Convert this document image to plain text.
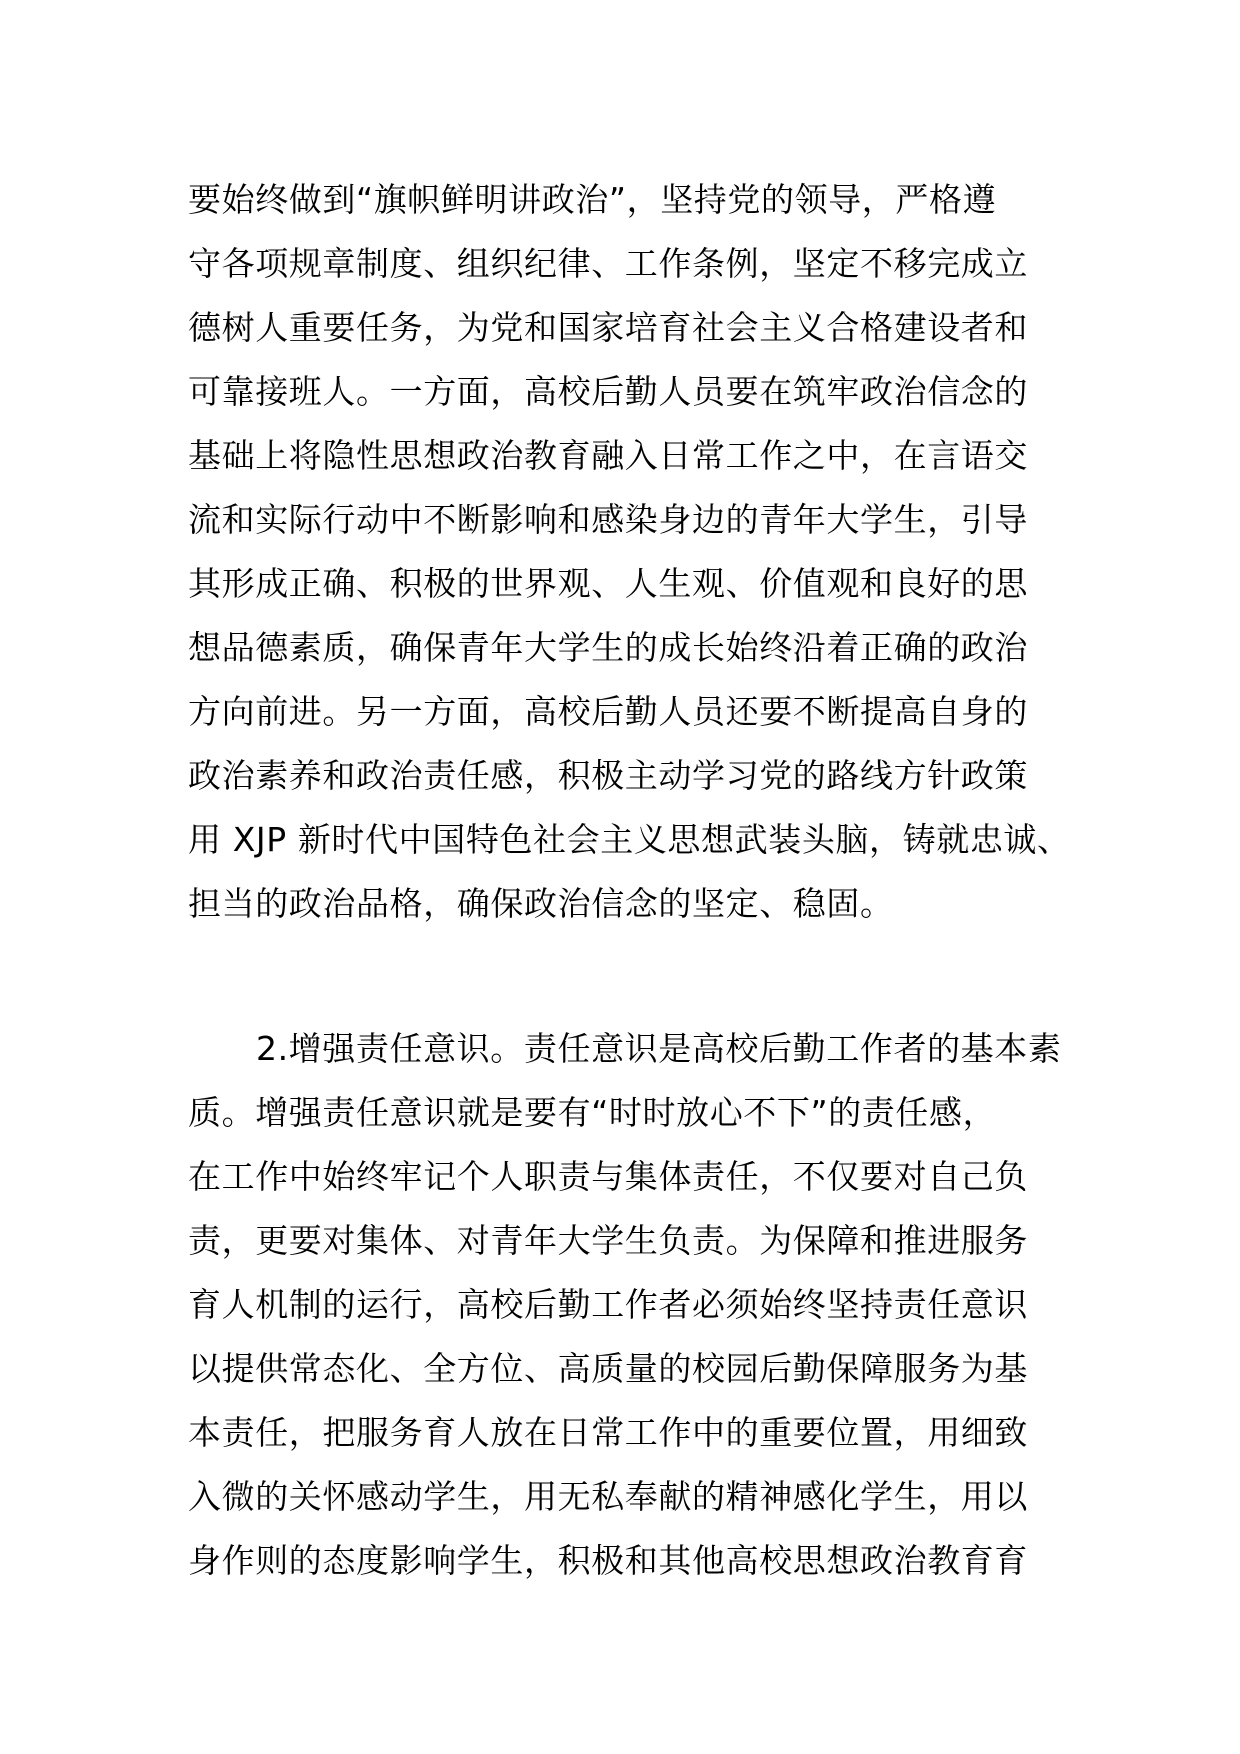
要始终做到“旗帜鲜明讲政治”，坚持党的领导，严格遵
守各项规章制度、组织纪律、工作条例，坚定不移完成立
德树人重要任务，为党和国家培育社会主义合格建设者和
可靠接班人。一方面，高校后勤人员要在筑牢政治信念的
基础上将隐性思想政治教育融入日常工作之中，在言语交
流和实际行动中不断影响和感染身边的青年大学生，引导
其形成正确、积极的世界观、人生观、价值观和良好的思
想品德素质，确保青年大学生的成长始终沿着正确的政治
方向前进。另一方面，高校后勤人员还要不断提高自身的
政治素养和政治责任感，积极主动学习党的路线方针政策
用 XJP 新时代中国特色社会主义思想武装头脑，铸就忠诚、
担当的政治品格，确保政治信念的坚定、稳固。
2.增强责任意识。责任意识是高校后勤工作者的基本素
质。增强责任意识就是要有“时时放心不下”的责任感，
在工作中始终牢记个人职责与集体责任，不仅要对自己负
责，更要对集体、对青年大学生负责。为保障和推进服务
育人机制的运行，高校后勤工作者必须始终坚持责任意识
以提供常态化、全方位、高质量的校园后勤保障服务为基
本责任，把服务育人放在日常工作中的重要位置，用细致
入微的关怀感动学生，用无私奉献的精神感化学生，用以
身作则的态度影响学生，积极和其他高校思想政治教育育
